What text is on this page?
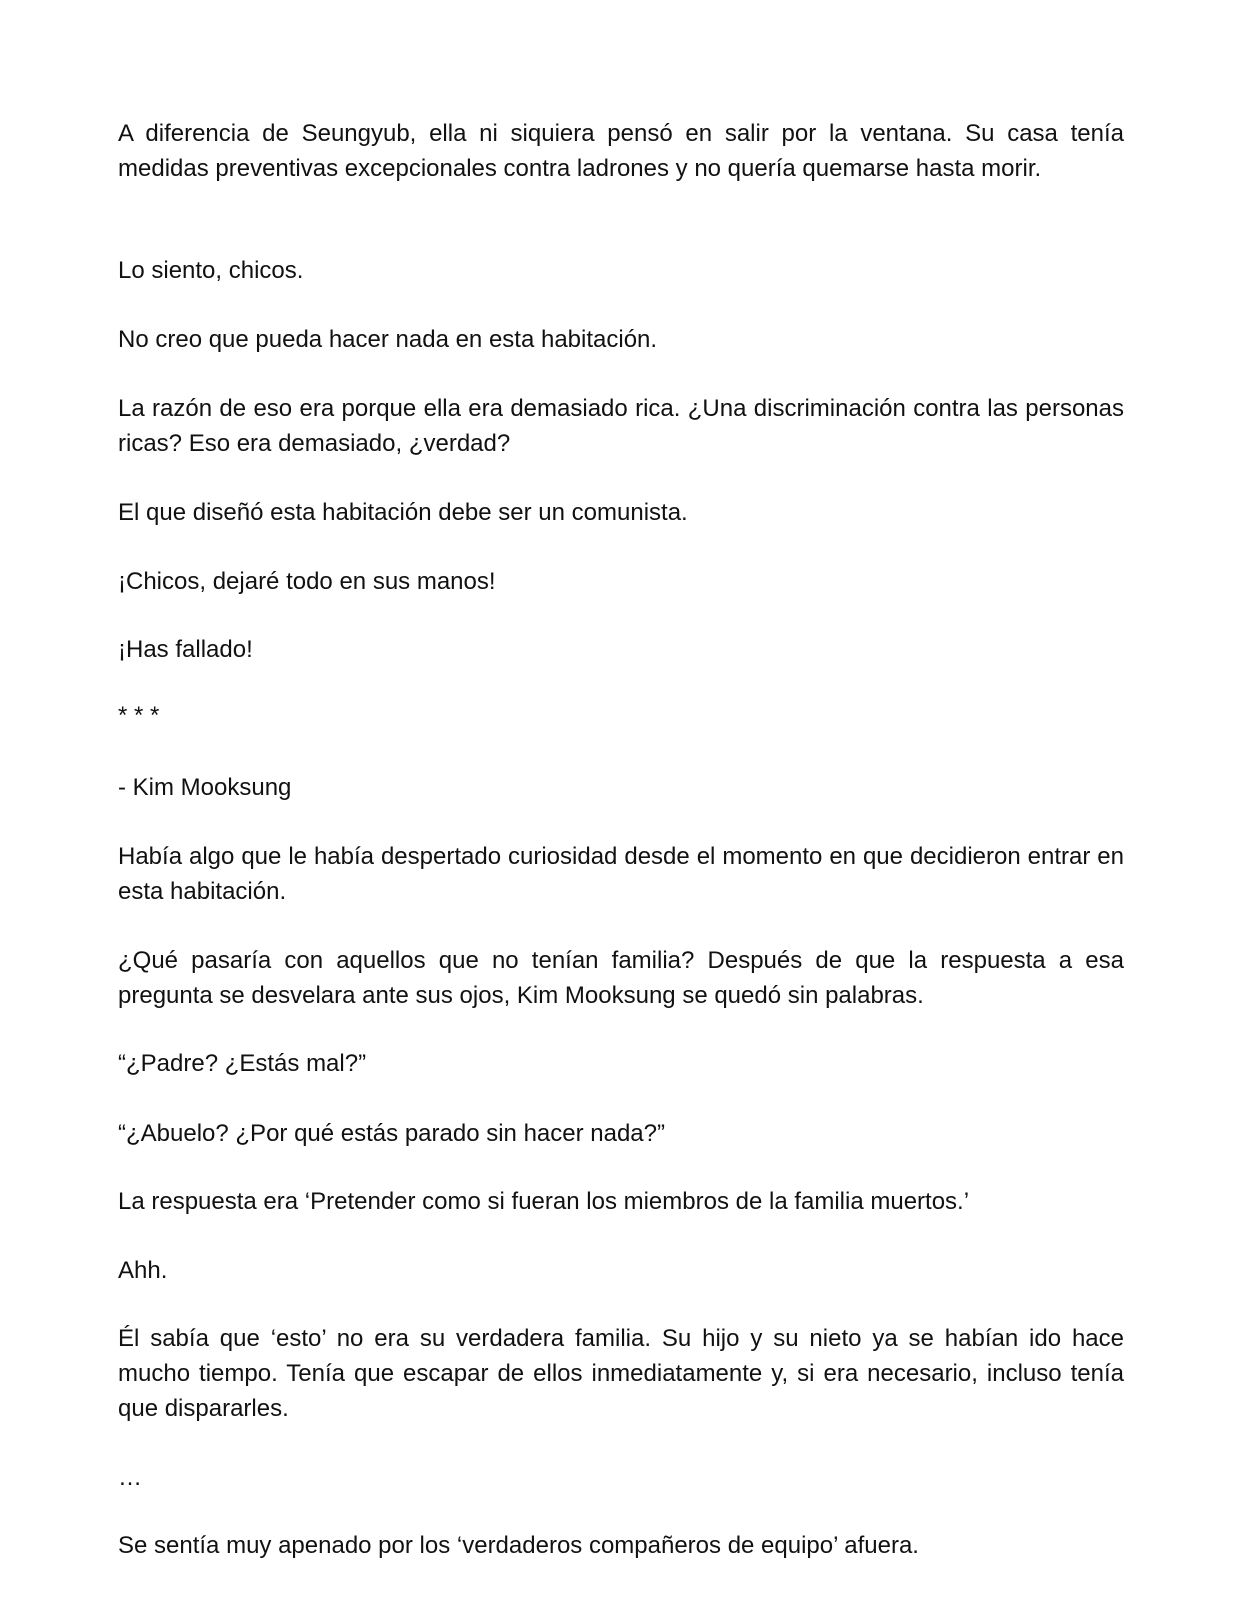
A diferencia de Seungyub, ella ni siquiera pensó en salir por la ventana. Su casa tenía medidas preventivas excepcionales contra ladrones y no quería quemarse hasta morir.

Lo siento, chicos.

No creo que pueda hacer nada en esta habitación.

La razón de eso era porque ella era demasiado rica. ¿Una discriminación contra las personas ricas? Eso era demasiado, ¿verdad?

El que diseñó esta habitación debe ser un comunista.

¡Chicos, dejaré todo en sus manos!

¡Has fallado!

* * *

- Kim Mooksung

Había algo que le había despertado curiosidad desde el momento en que decidieron entrar en esta habitación.

¿Qué pasaría con aquellos que no tenían familia? Después de que la respuesta a esa pregunta se desvelara ante sus ojos, Kim Mooksung se quedó sin palabras.

“¿Padre? ¿Estás mal?”

“¿Abuelo? ¿Por qué estás parado sin hacer nada?”

La respuesta era ‘Pretender como si fueran los miembros de la familia muertos.’

Ahh.

Él sabía que ‘esto’ no era su verdadera familia. Su hijo y su nieto ya se habían ido hace mucho tiempo. Tenía que escapar de ellos inmediatamente y, si era necesario, incluso tenía que dispararles.

…

Se sentía muy apenado por los ‘verdaderos compañeros de equipo’ afuera.
